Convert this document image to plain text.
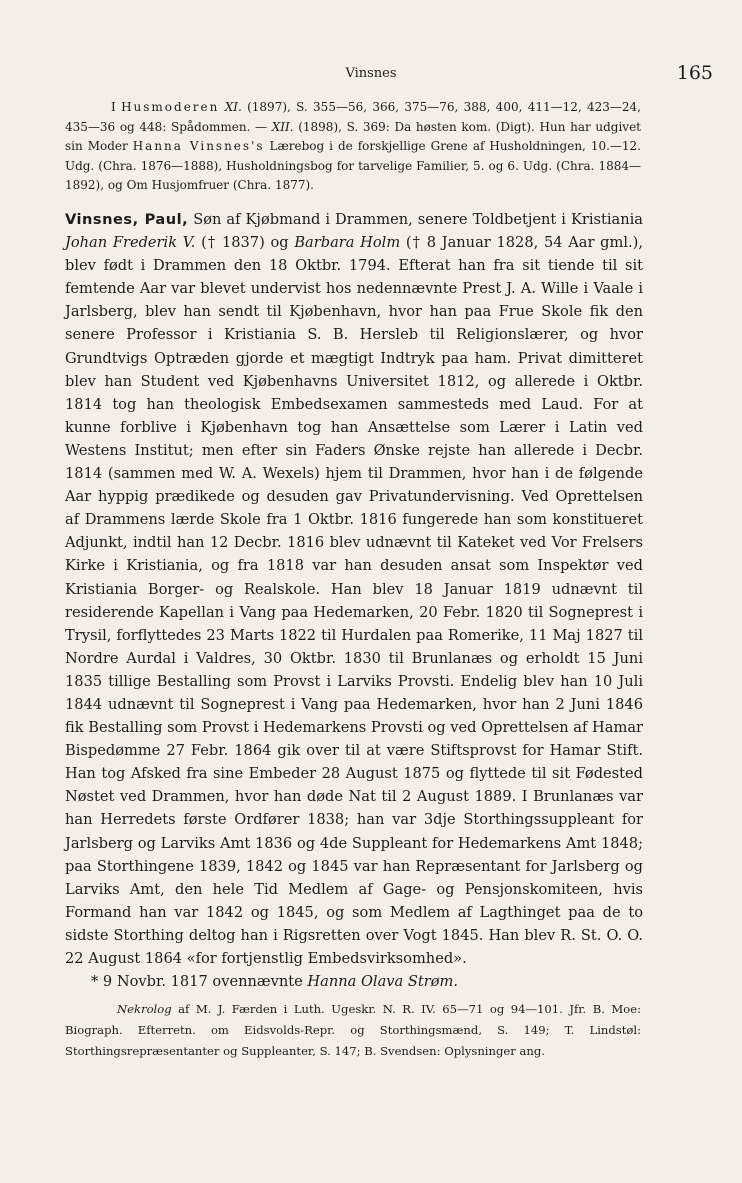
Vinsnes	165

I Husmoderen XI. (1897), S. 355—56, 366, 375—76, 388, 400, 411—12, 423—24, 435—36 og 448: Spådommen. — XII. (1898), S. 369: Da høsten kom. (Digt). Hun har udgivet sin Moder Hanna Vinsnes's Lærebog i de forskjellige Grene af Husholdningen, 10.—12. Udg. (Chra. 1876—1888), Husholdningsbog for tarvelige Familier, 5. og 6. Udg. (Chra. 1884—1892), og Om Husjomfruer (Chra. 1877).

Vinsnes, Paul, Søn af Kjøbmand i Drammen, senere Toldbetjent i Kristiania Johan Frederik V. († 1837) og Barbara Holm († 8 Januar 1828, 54 Aar gml.), blev født i Drammen den 18 Oktbr. 1794. Efterat han fra sit tiende til sit femtende Aar var blevet undervist hos nedennævnte Prest J. A. Wille i Vaale i Jarlsberg, blev han sendt til Kjøbenhavn, hvor han paa Frue Skole fik den senere Professor i Kristiania S. B. Hersleb til Religionslærer, og hvor Grundtvigs Optræden gjorde et mægtigt Indtryk paa ham. Privat dimitteret blev han Student ved Kjøbenhavns Universitet 1812, og allerede i Oktbr. 1814 tog han theologisk Embedsexamen sammesteds med Laud. For at kunne forblive i Kjøbenhavn tog han Ansættelse som Lærer i Latin ved Westens Institut; men efter sin Faders Ønske rejste han allerede i Decbr. 1814 (sammen med W. A. Wexels) hjem til Drammen, hvor han i de følgende Aar hyppig prædikede og desuden gav Privatundervisning. Ved Oprettelsen af Drammens lærde Skole fra 1 Oktbr. 1816 fungerede han som konstitueret Adjunkt, indtil han 12 Decbr. 1816 blev udnævnt til Kateket ved Vor Frelsers Kirke i Kristiania, og fra 1818 var han desuden ansat som Inspektør ved Kristiania Borger- og Realskole. Han blev 18 Januar 1819 udnævnt til residerende Kapellan i Vang paa Hedemarken, 20 Febr. 1820 til Sogneprest i Trysil, forflyttedes 23 Marts 1822 til Hurdalen paa Romerike, 11 Maj 1827 til Nordre Aurdal i Valdres, 30 Oktbr. 1830 til Brunlanæs og erholdt 15 Juni 1835 tillige Bestalling som Provst i Larviks Provsti. Endelig blev han 10 Juli 1844 udnævnt til Sogneprest i Vang paa Hedemarken, hvor han 2 Juni 1846 fik Bestalling som Provst i Hedemarkens Provsti og ved Oprettelsen af Hamar Bispedømme 27 Febr. 1864 gik over til at være Stiftsprovst for Hamar Stift. Han tog Afsked fra sine Embeder 28 August 1875 og flyttede til sit Fødested Nøstet ved Drammen, hvor han døde Nat til 2 August 1889. I Brunlanæs var han Herredets første Ordfører 1838; han var 3dje Storthingssuppleant for Jarlsberg og Larviks Amt 1836 og 4de Suppleant for Hedemarkens Amt 1848; paa Storthingene 1839, 1842 og 1845 var han Repræsentant for Jarlsberg og Larviks Amt, den hele Tid Medlem af Gage- og Pensjonskomiteen, hvis Formand han var 1842 og 1845, og som Medlem af Lagthinget paa de to sidste Storthing deltog han i Rigsretten over Vogt 1845. Han blev R. St. O. O. 22 August 1864 «for fortjenstlig Embedsvirksomhed».

* 9 Novbr. 1817 ovennævnte Hanna Olava Strøm.

Nekrolog af M. J. Færden i Luth. Ugeskr. N. R. IV. 65—71 og 94—101. Jfr. B. Moe: Biograph. Efterretn. om Eidsvolds-Repr. og Storthingsmænd, S. 149; T. Lindstøl: Storthingsrepræsentanter og Suppleanter, S. 147; B. Svendsen: Oplysninger ang.
